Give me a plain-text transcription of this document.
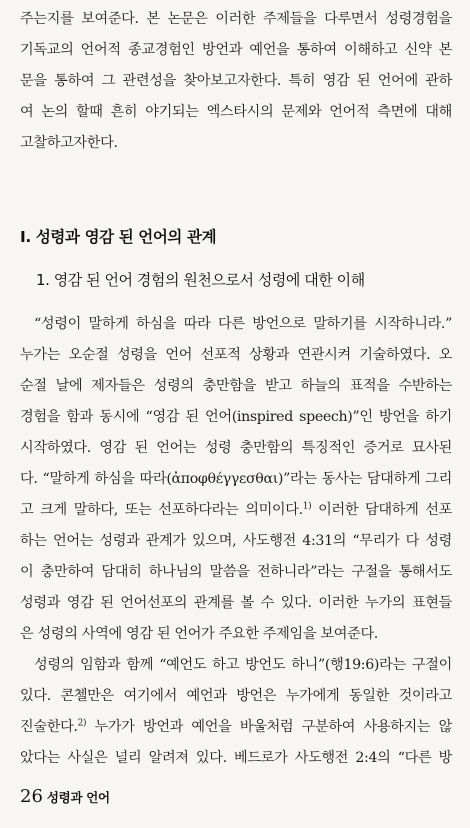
주는지를 보여준다. 본 논문은 이러한 주제들을 다루면서 성령경험을
기독교의 언어적 종교경험인 방언과 예언을 통하여 이해하고 신약 본
문을 통하여 그 관련성을 찾아보고자한다. 특히 영감 된 언어에 관하
여 논의 할때 흔히 야기되는 엑스타시의 문제와 언어적 측면에 대해
고찰하고자한다.
I. 성령과 영감 된 언어의 관계
1. 영감 된 언어 경험의 원천으로서 성령에 대한 이해
“성령이 말하게 하심을 따라 다른 방언으로 말하기를 시작하니라.”
누가는 오순절 성령을 언어 선포적 상황과 연관시켜 기술하였다. 오
순절 날에 제자들은 성령의 충만함을 받고 하늘의 표적을 수반하는
경험을 함과 동시에 “영감 된 언어(inspired speech)”인 방언을 하기
시작하였다. 영감 된 언어는 성령 충만함의 특징적인 증거로 묘사된
다. “말하게 하심을 따라(ἀποφθέγγεσθαι)”라는 동사는 담대하게 그리
고 크게 말하다, 또는 선포하다라는 의미이다.$^{1)}$ 이러한 담대하게 선포
하는 언어는 성령과 관계가 있으며, 사도행전 4:31의 “무리가 다 성령
이 충만하여 담대히 하나님의 말씀을 전하니라”라는 구절을 통해서도
성령과 영감 된 언어선포의 관계를 볼 수 있다. 이러한 누가의 표현들
은 성령의 사역에 영감 된 언어가 주요한 주제임을 보여준다.
성령의 임함과 함께 “예언도 하고 방언도 하니”(행19:6)라는 구절이
있다. 콘첼만은 여기에서 예언과 방언은 누가에게 동일한 것이라고
진술한다.$^{2)}$ 누가가 방언과 예언을 바울처럼 구분하여 사용하지는 않
았다는 사실은 널리 알려져 있다. 베드로가 사도행전 2:4의 “다른 방
26 성령과 언어
